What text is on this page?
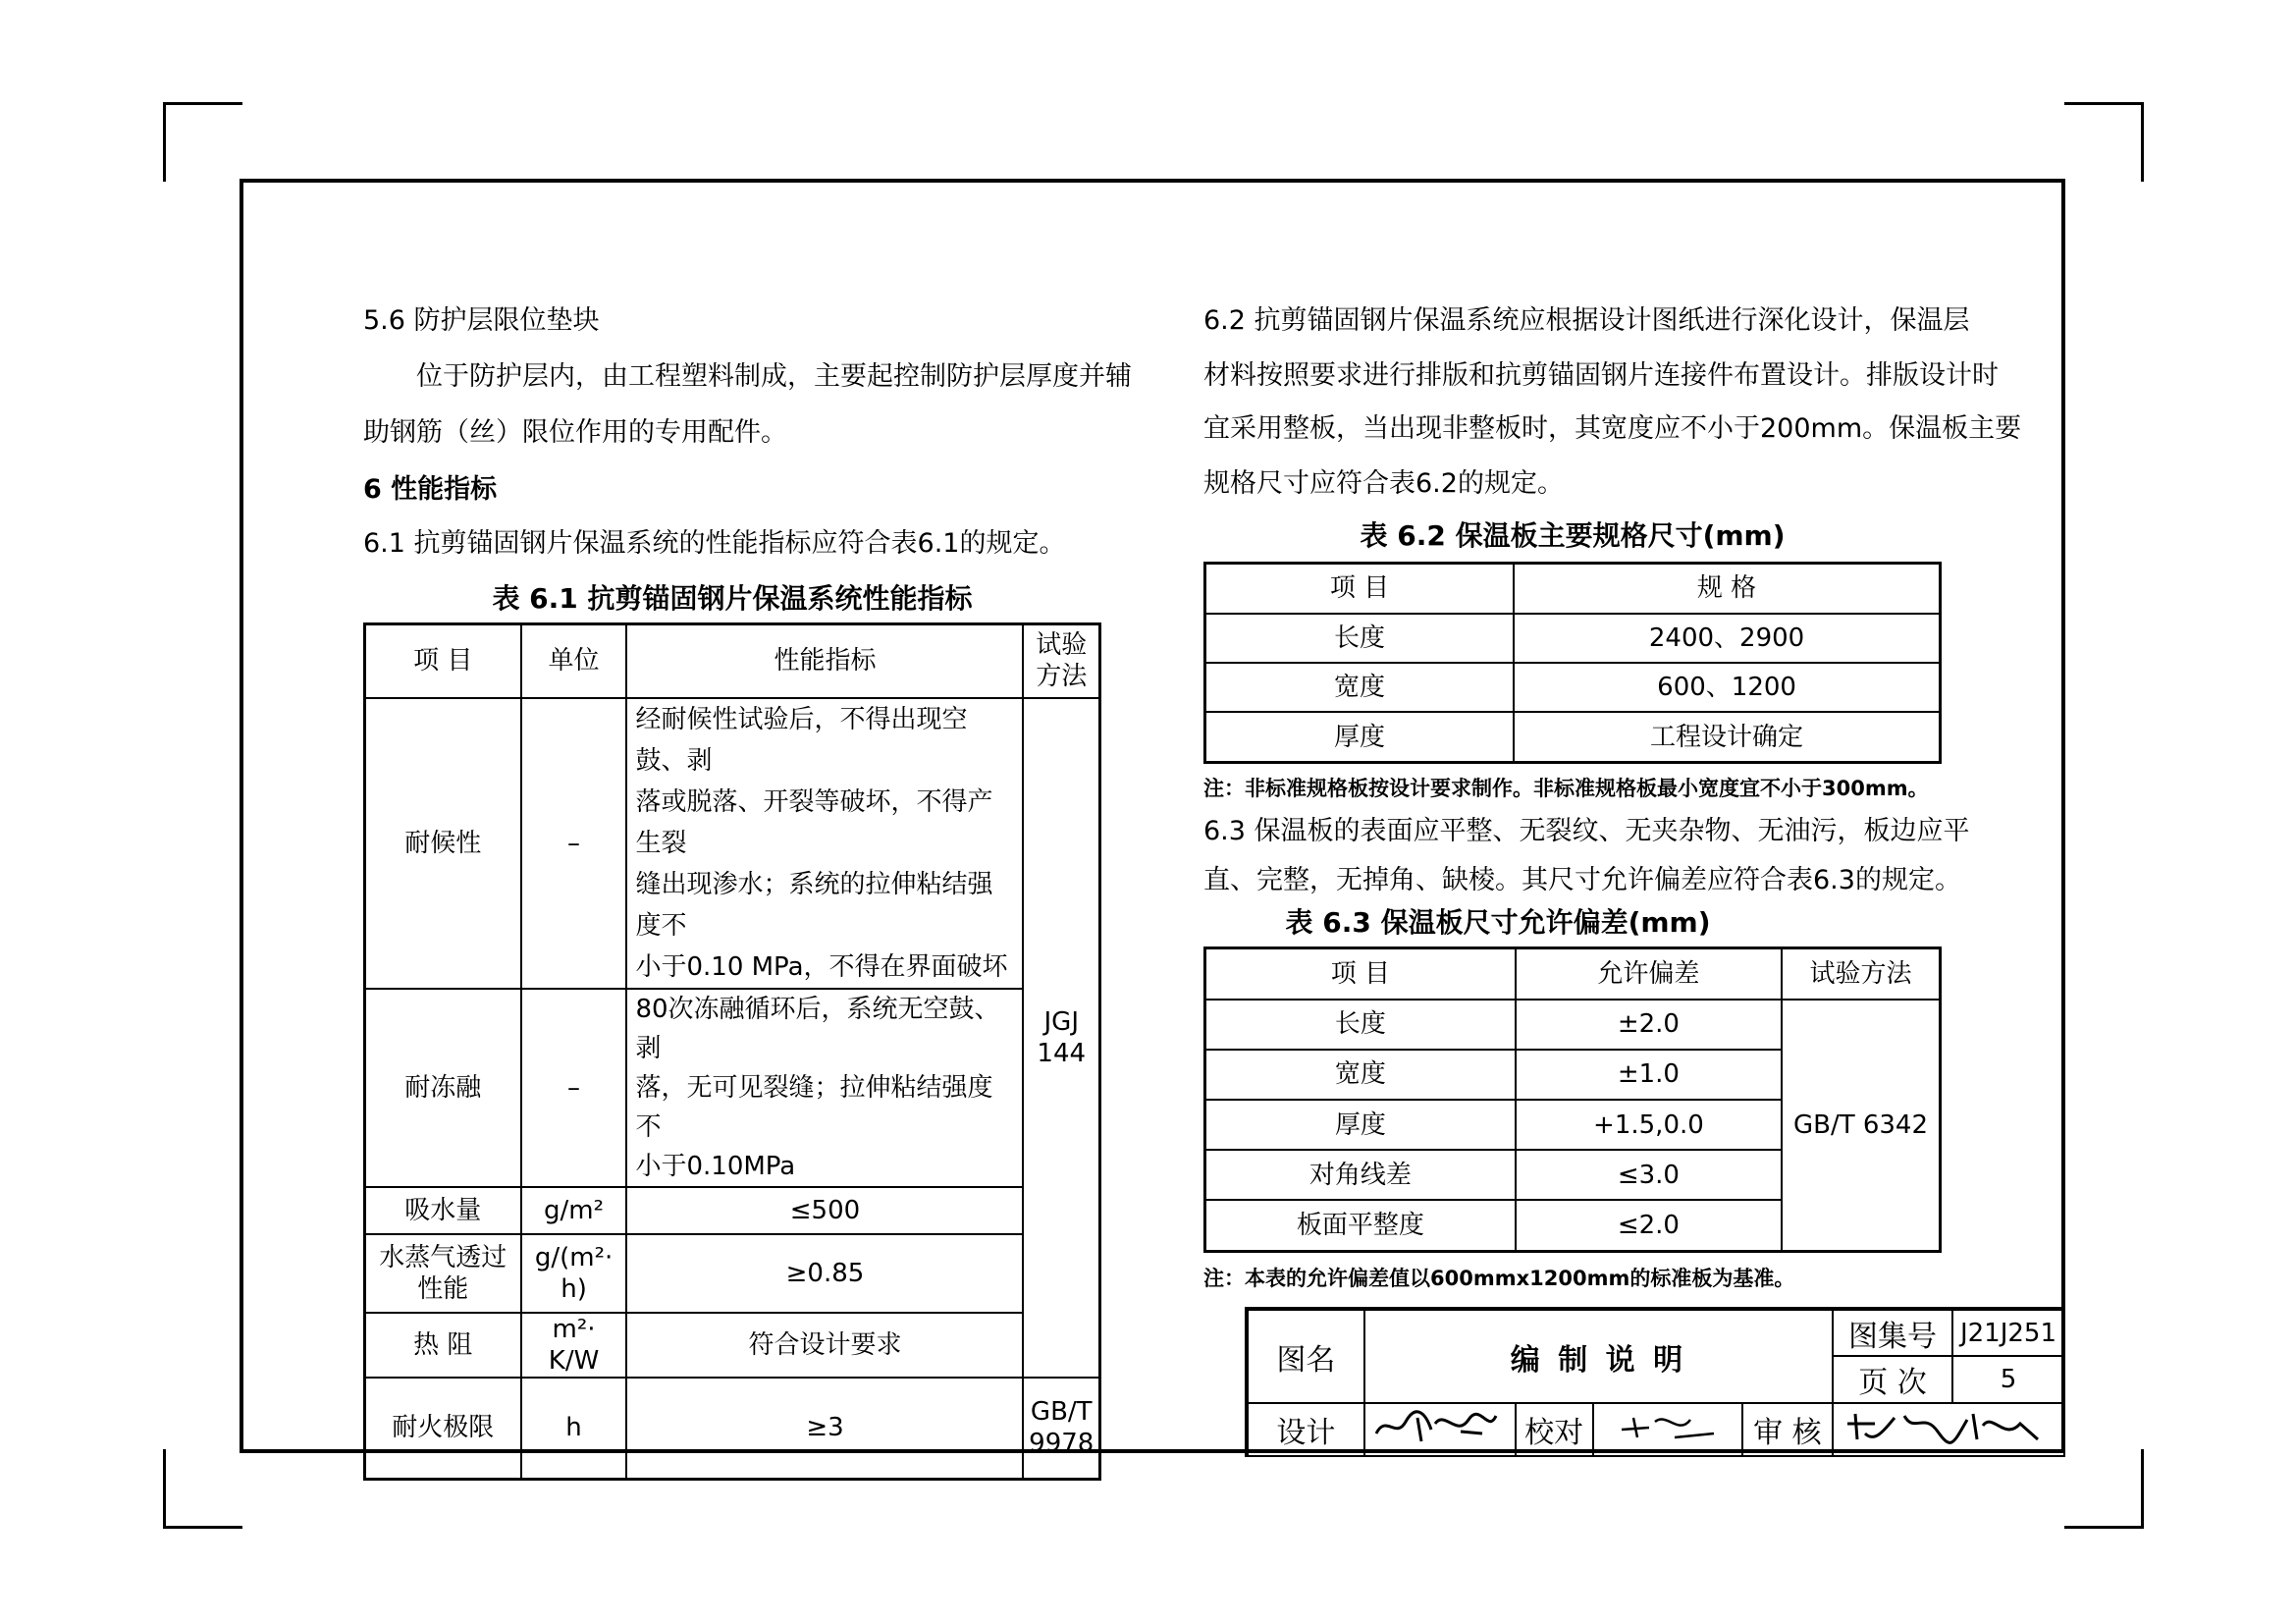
5.6 防护层限位垫块
位于防护层内，由工程塑料制成，主要起控制防护层厚度并辅
助钢筋（丝）限位作用的专用配件。
6 性能指标
6.1 抗剪锚固钢片保温系统的性能指标应符合表6.1的规定。
表 6.1 抗剪锚固钢片保温系统性能指标
项 目	单位	性能指标	试验
方法
耐候性	–	经耐候性试验后，不得出现空鼓、剥
落或脱落、开裂等破坏，不得产生裂
缝出现渗水；系统的拉伸粘结强度不
小于0.10 MPa，不得在界面破坏	JGJ
144
耐冻融	–	80次冻融循环后，系统无空鼓、剥
落，无可见裂缝；拉伸粘结强度不
小于0.10MPa	
吸水量	g/m²	≤500	
水蒸气透过
性能	g/(m²· h)	≥0.85	
热 阻	m²· K/W	符合设计要求	
耐火极限	h	≥3	GB/T
9978
6.2 抗剪锚固钢片保温系统应根据设计图纸进行深化设计，保温层
材料按照要求进行排版和抗剪锚固钢片连接件布置设计。排版设计时
宜采用整板，当出现非整板时，其宽度应不小于200mm。保温板主要
规格尺寸应符合表6.2的规定。
表 6.2 保温板主要规格尺寸(mm)
项 目	规 格
长度	2400、2900
宽度	600、1200
厚度	工程设计确定
注：非标准规格板按设计要求制作。非标准规格板最小宽度宜不小于300mm。
6.3 保温板的表面应平整、无裂纹、无夹杂物、无油污，板边应平
直、完整，无掉角、缺棱。其尺寸允许偏差应符合表6.3的规定。
表 6.3 保温板尺寸允许偏差(mm)
项 目	允许偏差	试验方法
长度	±2.0	GB/T 6342
宽度	±1.0	
厚度	+1.5,0.0	
对角线差	≤3.0	
板面平整度	≤2.0	
注：本表的允许偏差值以600mmx1200mm的标准板为基准。
图名	编 制 说 明				图集号	J21J251
					页 次	5
设计		校对		审 核	
